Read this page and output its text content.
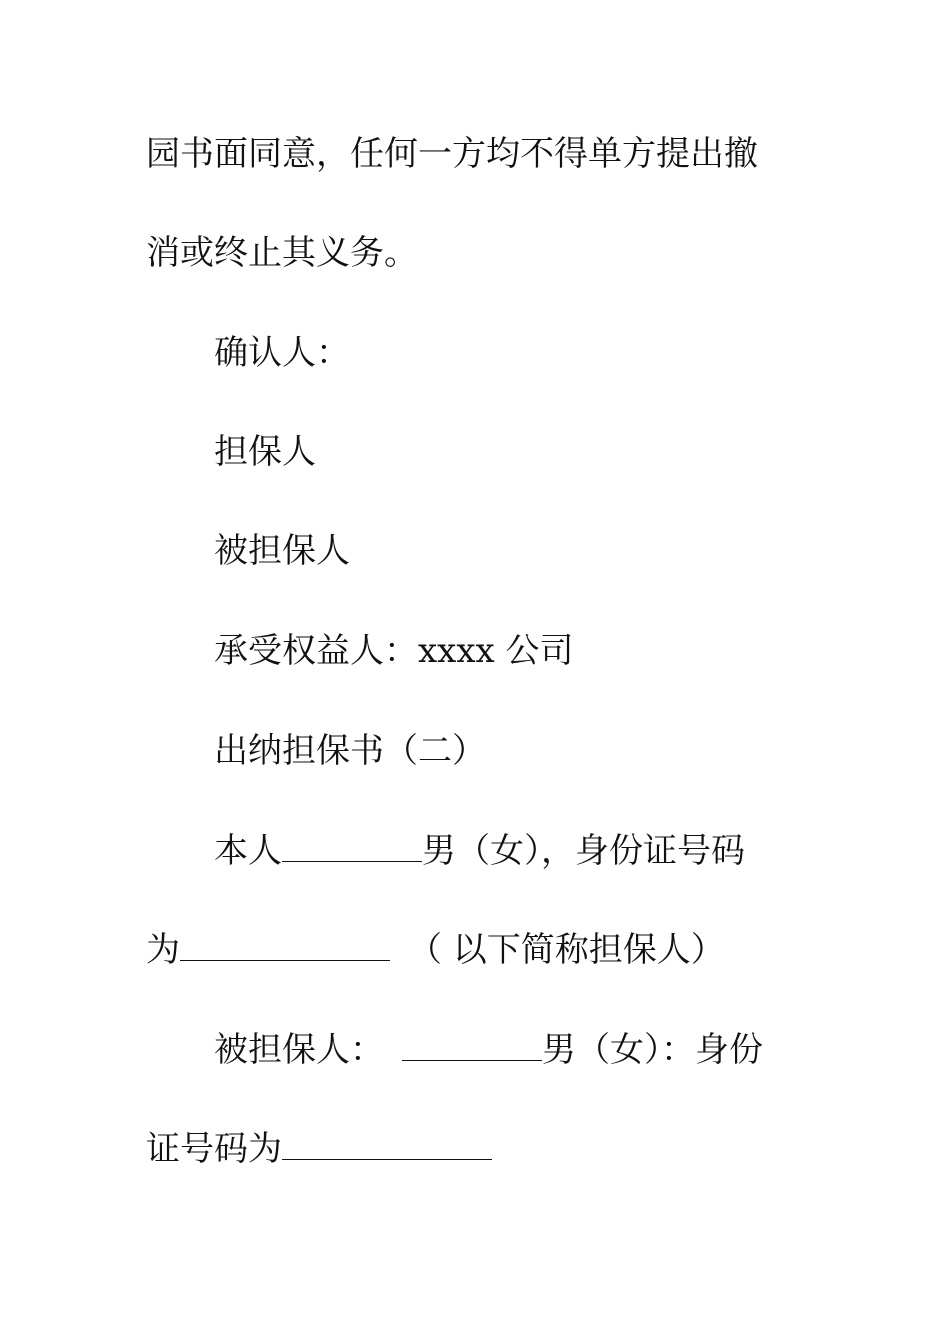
园书面同意，任何一方均不得单方提出撤
消或终止其义务。
确认人：
担保人
被担保人
承受权益人：xxxx 公司
出纳担保书（二）
本人	男（女），身份证号码
为	（ 以下简称担保人）
被担保人：	男（女）：身份
证号码为
